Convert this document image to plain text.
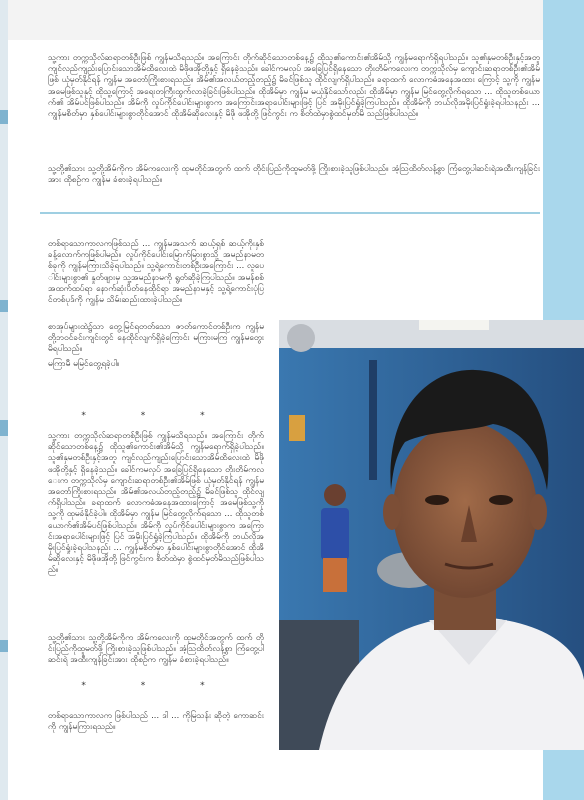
သူ့ကား တက္ကသိုလ်ဆရာတစ်ဦးဖြစ် ကျွန်မသိရသည်။ အကြောင်း တိုက်ဆိုင်သောတစ်နေ့၌ ထိုသူ၏ကောင်း၏အိမ်သို့ ကျွန်မရောက်ရှိရပါသည်။ သူ၏နှမတစ်ဦးနှင့်အတူ ကျင်လည်ကျည်းပြောင်းသောအိမ်ထိလေးထဲ မိဖိုဖအိုတို့နှင့် ရှိနေခဲ့သည်။ ခေါင်ကမလှပ် အခြေပြင်ရှိနေသော တိုးတိမ်ကလေးက တက္ကသိုလ်မှ ကျောင်းဆရာတစ်ဦး၏အိမ်ဖြစ် ယုံမှတ်နိုင်ရန် ကျွန်မ အတော်ကြိုးစားရသည်။ အိမ်၏အလယ်တည့်တည့်၌ မိခင်ဖြစ်သူ ထိုင်လျက်ရှိပါသည်။ ခရာထက် လောကဓံအနေအထား ကြောင့် သူ့ကို ကျွန်မ အမေဖြစ်သူနှင့် ထိုသူ့ကြောင့် အရေးတကြီးထွက်လာခဲ့ခြင်းဖြစ်ပါသည်။ ထိုအိမ်မှာ ကျွန်မ မယုံနိုင်သော်လည်း ထိုအိမ်မှာ ကျွန်မ မြင်တွေ့လိုက်ရသော ... ထိုသူတစ်ယောက်၏ အိမ်ပင်ဖြစ်ပါသည်။ အိမ်ကို လှုပ်ကိုင်ပေါင်းများစွာက အကြောင်းအရာပေါင်းများဖြင့် ပြင် အမိုးပြင်ရှုံခဲ့ကြပါသည်။ ထိုအိမ်ကို ဘယ်လိုအမိုးပြင်ရှုံးခဲ့ရပါသနည်း ... ကျွန်မစိတ်မှာ နှစ်ပေါင်းများစွာတိုင်အောင် ထိုအိမ်ဆိုလေးနှင့် မိဖို ဖအိုတို့ ဖြင်ကွင်း က စိတ်ထဲမှာစွဲထင်မှတ်မိ သည်ဖြစ်ပါသည်။

သူ့တို့၏သား သူ့တို့အိမ်ကိုက အိမ်ကလေးကို ထုမတိုင်အတွက် ထက် တိုင်းပြည်ကိုထူမတ်ဖို့ ကြိုးစားခဲ့သူဖြစ်ပါသည်။ အံ့ဩထိတ်လန့်စွာ ကြံတွေ့ပါဆင်းရဲအထီးကျန်ခြင်းအား ထိုစဉ်က ကျွန်မ ခံစားခဲ့ရပါသည်။

တစ်ရာသောကာလကဖြစ်သည် ... ကျွန်မအသက် ဆယ့်ရှစ် ဆယ့်ကိုးနှစ်ခန့်လောက်ကဖြစ်ပါမည်။ လှုပ်ကိုင်ပေါင်းမြောက်မြားစွာသို့ အမည်နာမတစ်ခုကို ကျွန်မကြားသိခဲ့ရပါသည်။ သူ့ရဲ့ကောင်းတစ်ဦးအကြောင်း ... လူပေါင်းများစွာ၏ နှုတ်ဖျားမှ သူ့အမည်နာမကို ရွတ်ဆိုခဲ့ကြပါသည်။ အမန်စစ် အထက်ထပ်ရာ နောက်ဆုံးပိတ်နေထိုင်ရာ အမည်နာမနှင့် သူ့ရဲ့ကောင်းပုံပြင်တစ်ပုဒ်ကို ကျွန်မ သိမ်းဆည်းထားခဲ့ပါသည်။

စာအုပ်များထဲ၌သာ တွေ့မြင်ရတတ်သော ဇာတ်ကောင်တစ်ဦးက ကျွန်မတို့ဘဝင်ခင်းကျင်းတွင် နေထိုင်လျက်ရှိခဲ့ကြောင်း မကြားမကြ ကျွန်မတွေးမိရပါသည်။

မကြာမီ မမြင်တွေ့ရခဲ့ပါ။

* * *

သူ့ကား တက္ကသိုလ်ဆရာတစ်ဦးဖြစ် ကျွန်မသိရသည်။ အကြောင်း တိုက်ဆိုင်သောတစ်နေ့၌ ထိုသူ၏ကောင်း၏အိမ်သို့ ကျွန်မရောက်ရှိခဲ့ပါသည်။ သူ၏နှမတစ်ဦးနှင့်အတူ ကျင်လည်ကျည်းပြောင်းသောအိမ်ထိလေးထဲ မိဖိုဖအိုတို့နှင့် ရှိနေခဲ့သည်။ ခေါင်ကမလှပ် အခြေပြင်ရှိနေသော တိုးတိမ်ကလေးက တက္ကသိုလ်မှ ကျောင်းဆရာတစ်ဦး၏အိမ်ဖြစ် ယုံမှတ်နိုင်ရန် ကျွန်မ အတော်ကြိုးစားရသည်။ အိမ်၏အလယ်တည့်တည့်၌ မိခင်ဖြစ်သူ ထိုင်လျက်ရှိပါသည်။ ခရာထက် လောကဓံအနေအထားကြောင့် အမေဖြစ်သူ့ကို သူ့ကို ထုမခံနိုင်ခဲ့ပါ။ ထိုအိမ်မှာ ကျွန်မ မြင်တွေ့လိုက်ရသော ... ထိုသူတစ်ယောက်၏အိမ်ပင်ဖြစ်ပါသည်။ အိမ်ကို လှုပ်ကိုင်ပေါင်းများစွာက အကြောင်းအရာပေါင်းများဖြင့် ပြင် အမိုးပြင်ရှုံခဲ့ကြပါသည်။ ထိုအိမ်ကို ဘယ်လိုအမိုးပြင်ရှုံးခဲ့ရပါသနည်း ... ကျွန်မစိတ်မှာ နှစ်ပေါင်းများစွာတိုင်အောင် ထိုအိမ်ဆိုလေးနှင့် မိဖိုဖအိုတို့ ဖြင်ကွင်းက စိတ်ထဲမှာ စွဲထင်မှတ်မိသည်ဖြစ်ပါသည်။

သူ့တို့၏သား သူ့တို့အိမ်ကိုက အိမ်ကလေးကို ထုမတိုင်အတွက် ထက် တိုင်းပြည်ကိုထူမတ်ဖို့ ကြိုးစားခဲ့သူဖြစ်ပါသည်။ အံ့ဩထိတ်လန့်စွာ ကြံတွေ့ပါဆင်းရဲ အထီးကျန်ခြင်းအား ထိုစဉ်က ကျွန်မ ခံစားခဲ့ရပါသည်။

* * *

တစ်ရာသောကာလက ဖြစ်ပါသည် ... ဒါ ... ကိုမြသန်း ဆိုတဲ့ ကောဆင်းကို ကျွန်မကြားရသည်။
